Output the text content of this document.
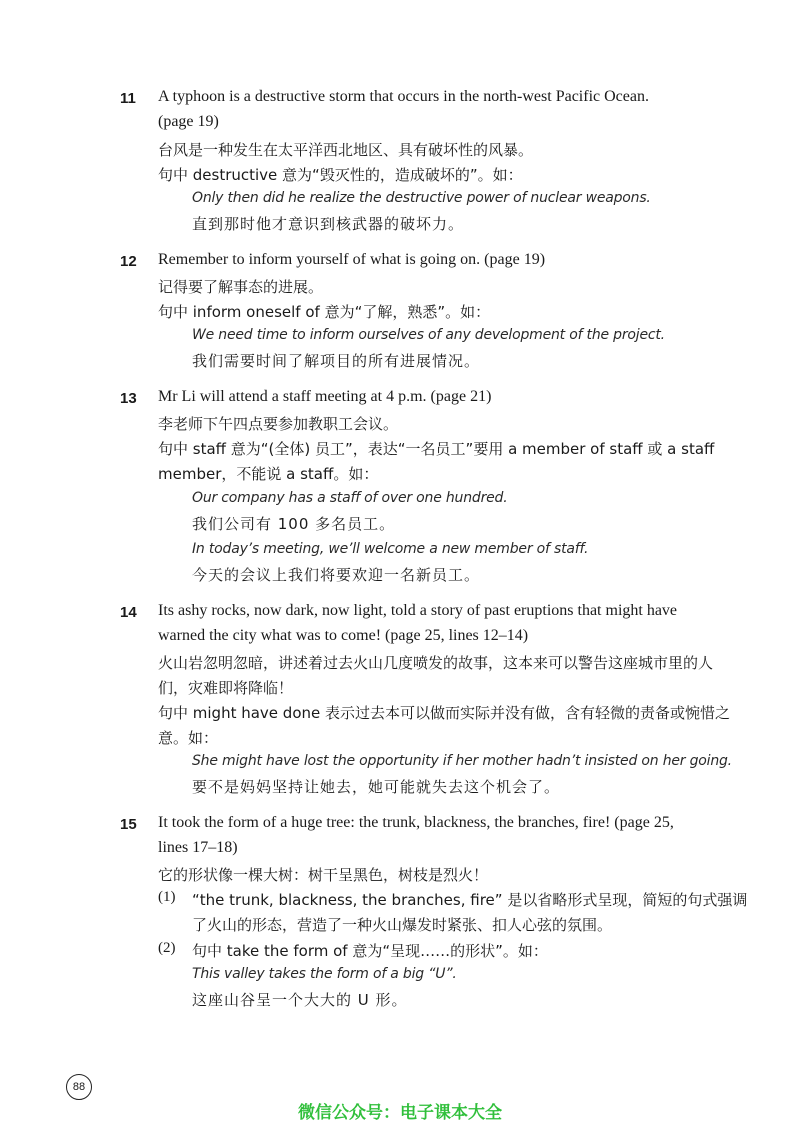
11 A typhoon is a destructive storm that occurs in the north-west Pacific Ocean.
(page 19)
台风是一种发生在太平洋西北地区、具有破坏性的风暴。
句中 destructive 意为“毁灭性的，造成破坏的”。如：
Only then did he realize the destructive power of nuclear weapons.
直到那时他才意识到核武器的破坏力。
12 Remember to inform yourself of what is going on. (page 19)
记得要了解事态的进展。
句中 inform oneself of 意为“了解，熟悉”。如：
We need time to inform ourselves of any development of the project.
我们需要时间了解项目的所有进展情况。
13 Mr Li will attend a staff meeting at 4 p.m. (page 21)
李老师下午四点要参加教职工会议。
句中 staff 意为“(全体) 员工”，表达“一名员工”要用 a member of staff 或 a staff
member，不能说 a staff。如：
Our company has a staff of over one hundred.
我们公司有 100 多名员工。
In today’s meeting, we’ll welcome a new member of staff.
今天的会议上我们将要欢迎一名新员工。
14 Its ashy rocks, now dark, now light, told a story of past eruptions that might have
warned the city what was to come! (page 25, lines 12–14)
火山岩忽明忽暗，讲述着过去火山几度喷发的故事，这本来可以警告这座城市里的人
们，灾难即将降临！
句中 might have done 表示过去本可以做而实际并没有做，含有轻微的责备或惋惜之
意。如：
She might have lost the opportunity if her mother hadn’t insisted on her going.
要不是妈妈坚持让她去，她可能就失去这个机会了。
15 It took the form of a huge tree: the trunk, blackness, the branches, fire! (page 25,
lines 17–18)
它的形状像一棵大树：树干呈黑色，树枝是烈火！
(1) “the trunk, blackness, the branches, fire” 是以省略形式呈现，简短的句式强调
了火山的形态，营造了一种火山爆发时紧张、扣人心弦的氛围。
(2) 句中 take the form of 意为“呈现……的形状”。如：
This valley takes the form of a big “U”.
这座山谷呈一个大大的 U 形。
88
微信公众号：电子课本大全
